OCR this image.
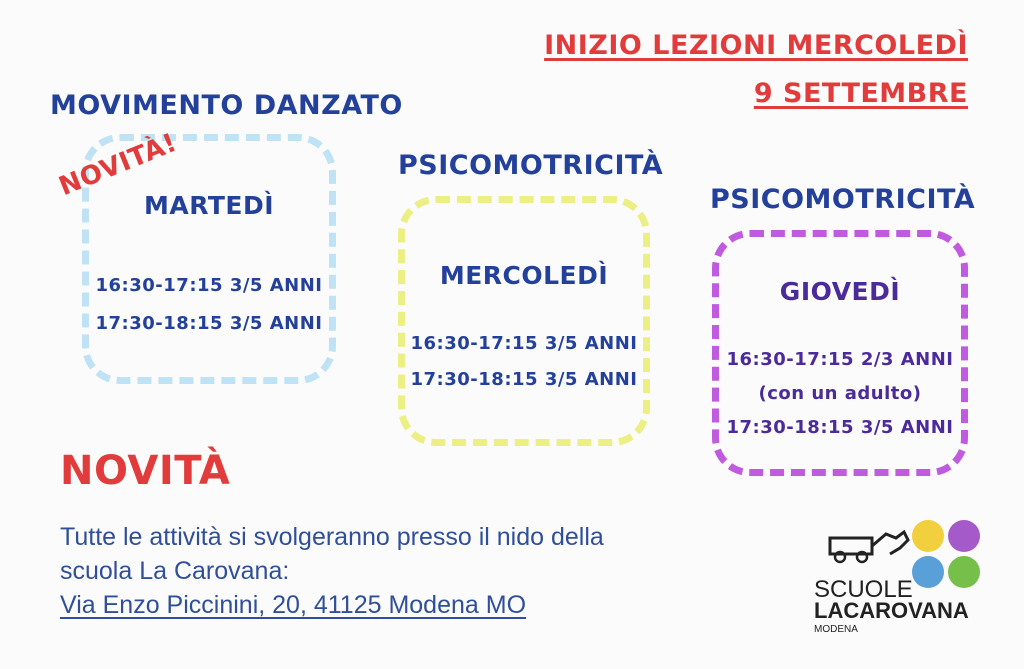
INIZIO LEZIONI MERCOLEDÌ
9 SETTEMBRE
MOVIMENTO DANZATO
MARTEDÌ
16:30-17:15 3/5 ANNI
17:30-18:15 3/5 ANNI
NOVITÀ!	PSICOMOTRICITÀ
MERCOLEDÌ
16:30-17:15 3/5 ANNI
17:30-18:15 3/5 ANNI
PSICOMOTRICITÀ
GIOVEDÌ
16:30-17:15 2/3 ANNI
(con un adulto)
17:30-18:15 3/5 ANNI
NOVITÀ
Tutte le attività si svolgeranno presso il nido della
scuola La Carovana:
Via Enzo Piccinini, 20, 41125 Modena MO
SCUOLE
LACAROVANA
MODENA
